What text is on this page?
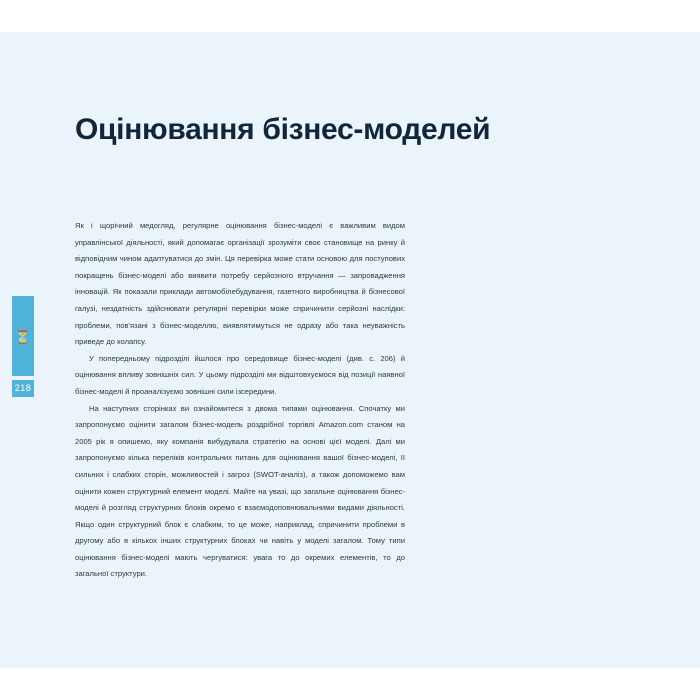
⏳
218
Оцінювання бізнес-моделей

Як і щорічний медогляд, регулярне оцінювання бізнес-моделі є важливим видом управлінської діяльності, який допомагає організації зрозуміти своє становище на ринку й відповідним чином адаптуватися до змін. Ця перевірка може стати основою для поступових покращень бізнес-моделі або виявити потребу серйозного втручання — запровадження інновацій. Як показали приклади автомобілебудування, газетного виробництва й бізнесової галузі, нездатність здійснювати регулярні перевірки може спричинити серйозні наслідки: проблеми, пов'язані з бізнес-моделлю, виявлятимуться не одразу або така неуважність приведе до колапсу.

У попередньому підрозділі йшлося про середовище бізнес-моделі (див. с. 206) й оцінювання впливу зовнішніх сил. У цьому підрозділі ми відштовхуємося від позиції наявної бізнес-моделі й проаналізуємо зовнішні сили ізсередини.

На наступних сторінках ви ознайомитеся з двома типами оцінювання. Спочатку ми запропонуємо оцінити загалом бізнес-модель роздрібної торгівлі Amazon.com станом на 2005 рік я опишемо, яку компанія вибудувала стратегію на основі цієї моделі. Далі ми запропонуємо кілька переліків контрольних питань для оцінювання вашої бізнес-моделі, її сильних і слабких сторін, можливостей і загроз (SWOT-аналіз), а також допоможемо вам оцінити кожен структурний елемент моделі. Майте на увазі, що загальне оцінювання бізнес-моделі й розгляд структурних блоків окремо є взаємодоповнювальними видами діяльності. Якщо один структурний блок є слабким, то це може, наприклад, спричинити проблеми в другому або в кількох інших структурних блоках чи навіть у моделі загалом. Тому типи оцінювання бізнес-моделі мають чергуватися: увага то до окремих елементів, то до загальної структури.
